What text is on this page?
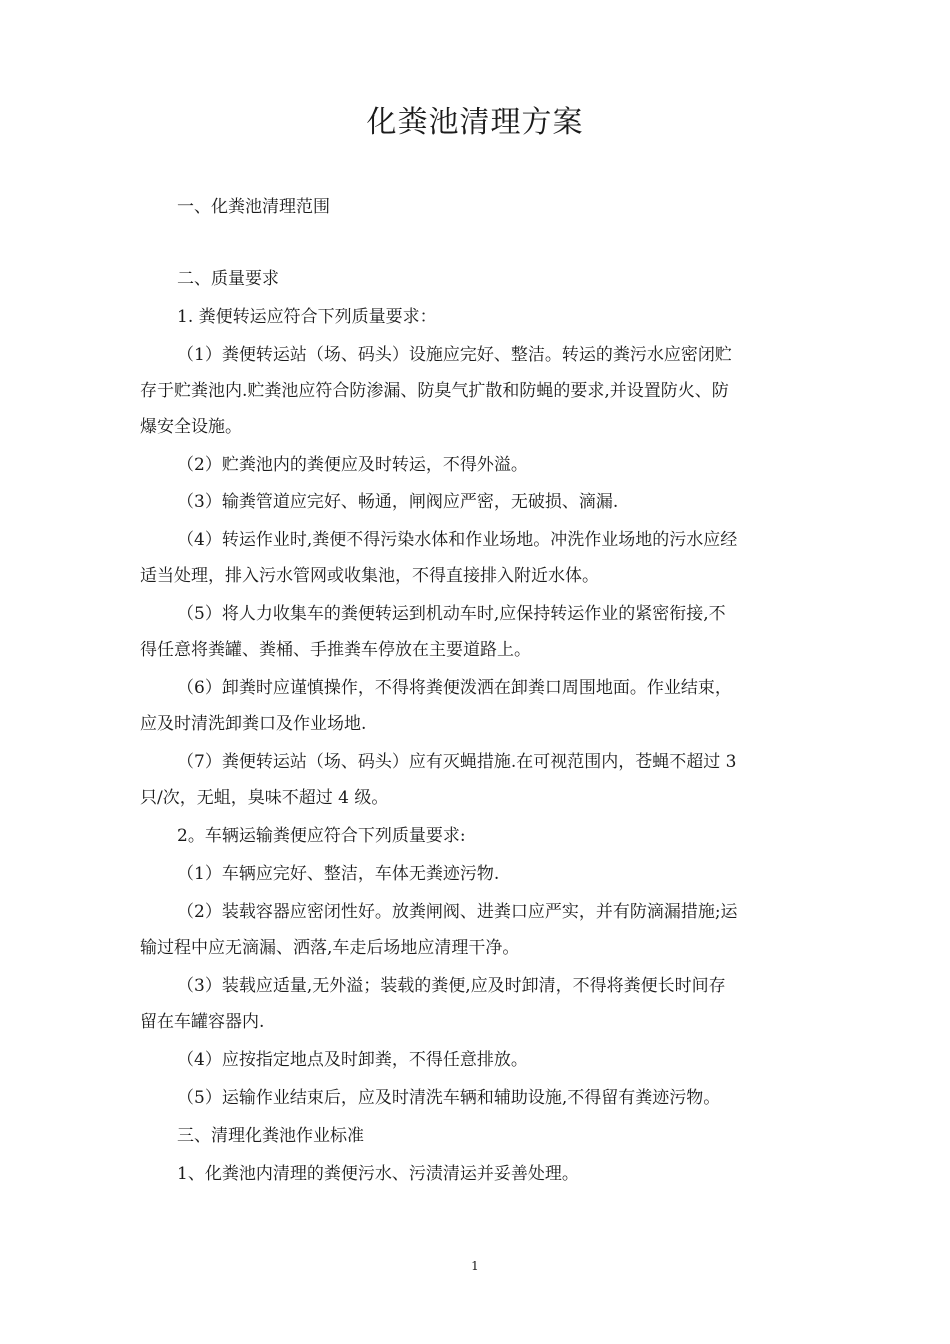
化粪池清理方案
一、化粪池清理范围
二、质量要求
1. 粪便转运应符合下列质量要求：
（1）粪便转运站（场、码头）设施应完好、整洁。转运的粪污水应密闭贮
存于贮粪池内.贮粪池应符合防渗漏、防臭气扩散和防蝇的要求,并设置防火、防
爆安全设施。
（2）贮粪池内的粪便应及时转运，不得外溢。
（3）输粪管道应完好、畅通，闸阀应严密，无破损、滴漏.
（4）转运作业时,粪便不得污染水体和作业场地。冲洗作业场地的污水应经
适当处理，排入污水管网或收集池，不得直接排入附近水体。
（5）将人力收集车的粪便转运到机动车时,应保持转运作业的紧密衔接,不
得任意将粪罐、粪桶、手推粪车停放在主要道路上。
（6）卸粪时应谨慎操作，不得将粪便泼洒在卸粪口周围地面。作业结束，
应及时清洗卸粪口及作业场地.
（7）粪便转运站（场、码头）应有灭蝇措施.在可视范围内，苍蝇不超过 3
只/次，无蛆，臭味不超过 4 级。
2。车辆运输粪便应符合下列质量要求:
（1）车辆应完好、整洁，车体无粪迹污物.
（2）装载容器应密闭性好。放粪闸阀、进粪口应严实，并有防滴漏措施;运
输过程中应无滴漏、洒落,车走后场地应清理干净。
（3）装载应适量,无外溢；装载的粪便,应及时卸清，不得将粪便长时间存
留在车罐容器内.
（4）应按指定地点及时卸粪，不得任意排放。
（5）运输作业结束后，应及时清洗车辆和辅助设施,不得留有粪迹污物。
三、清理化粪池作业标准
1、化粪池内清理的粪便污水、污渍清运并妥善处理。
1
